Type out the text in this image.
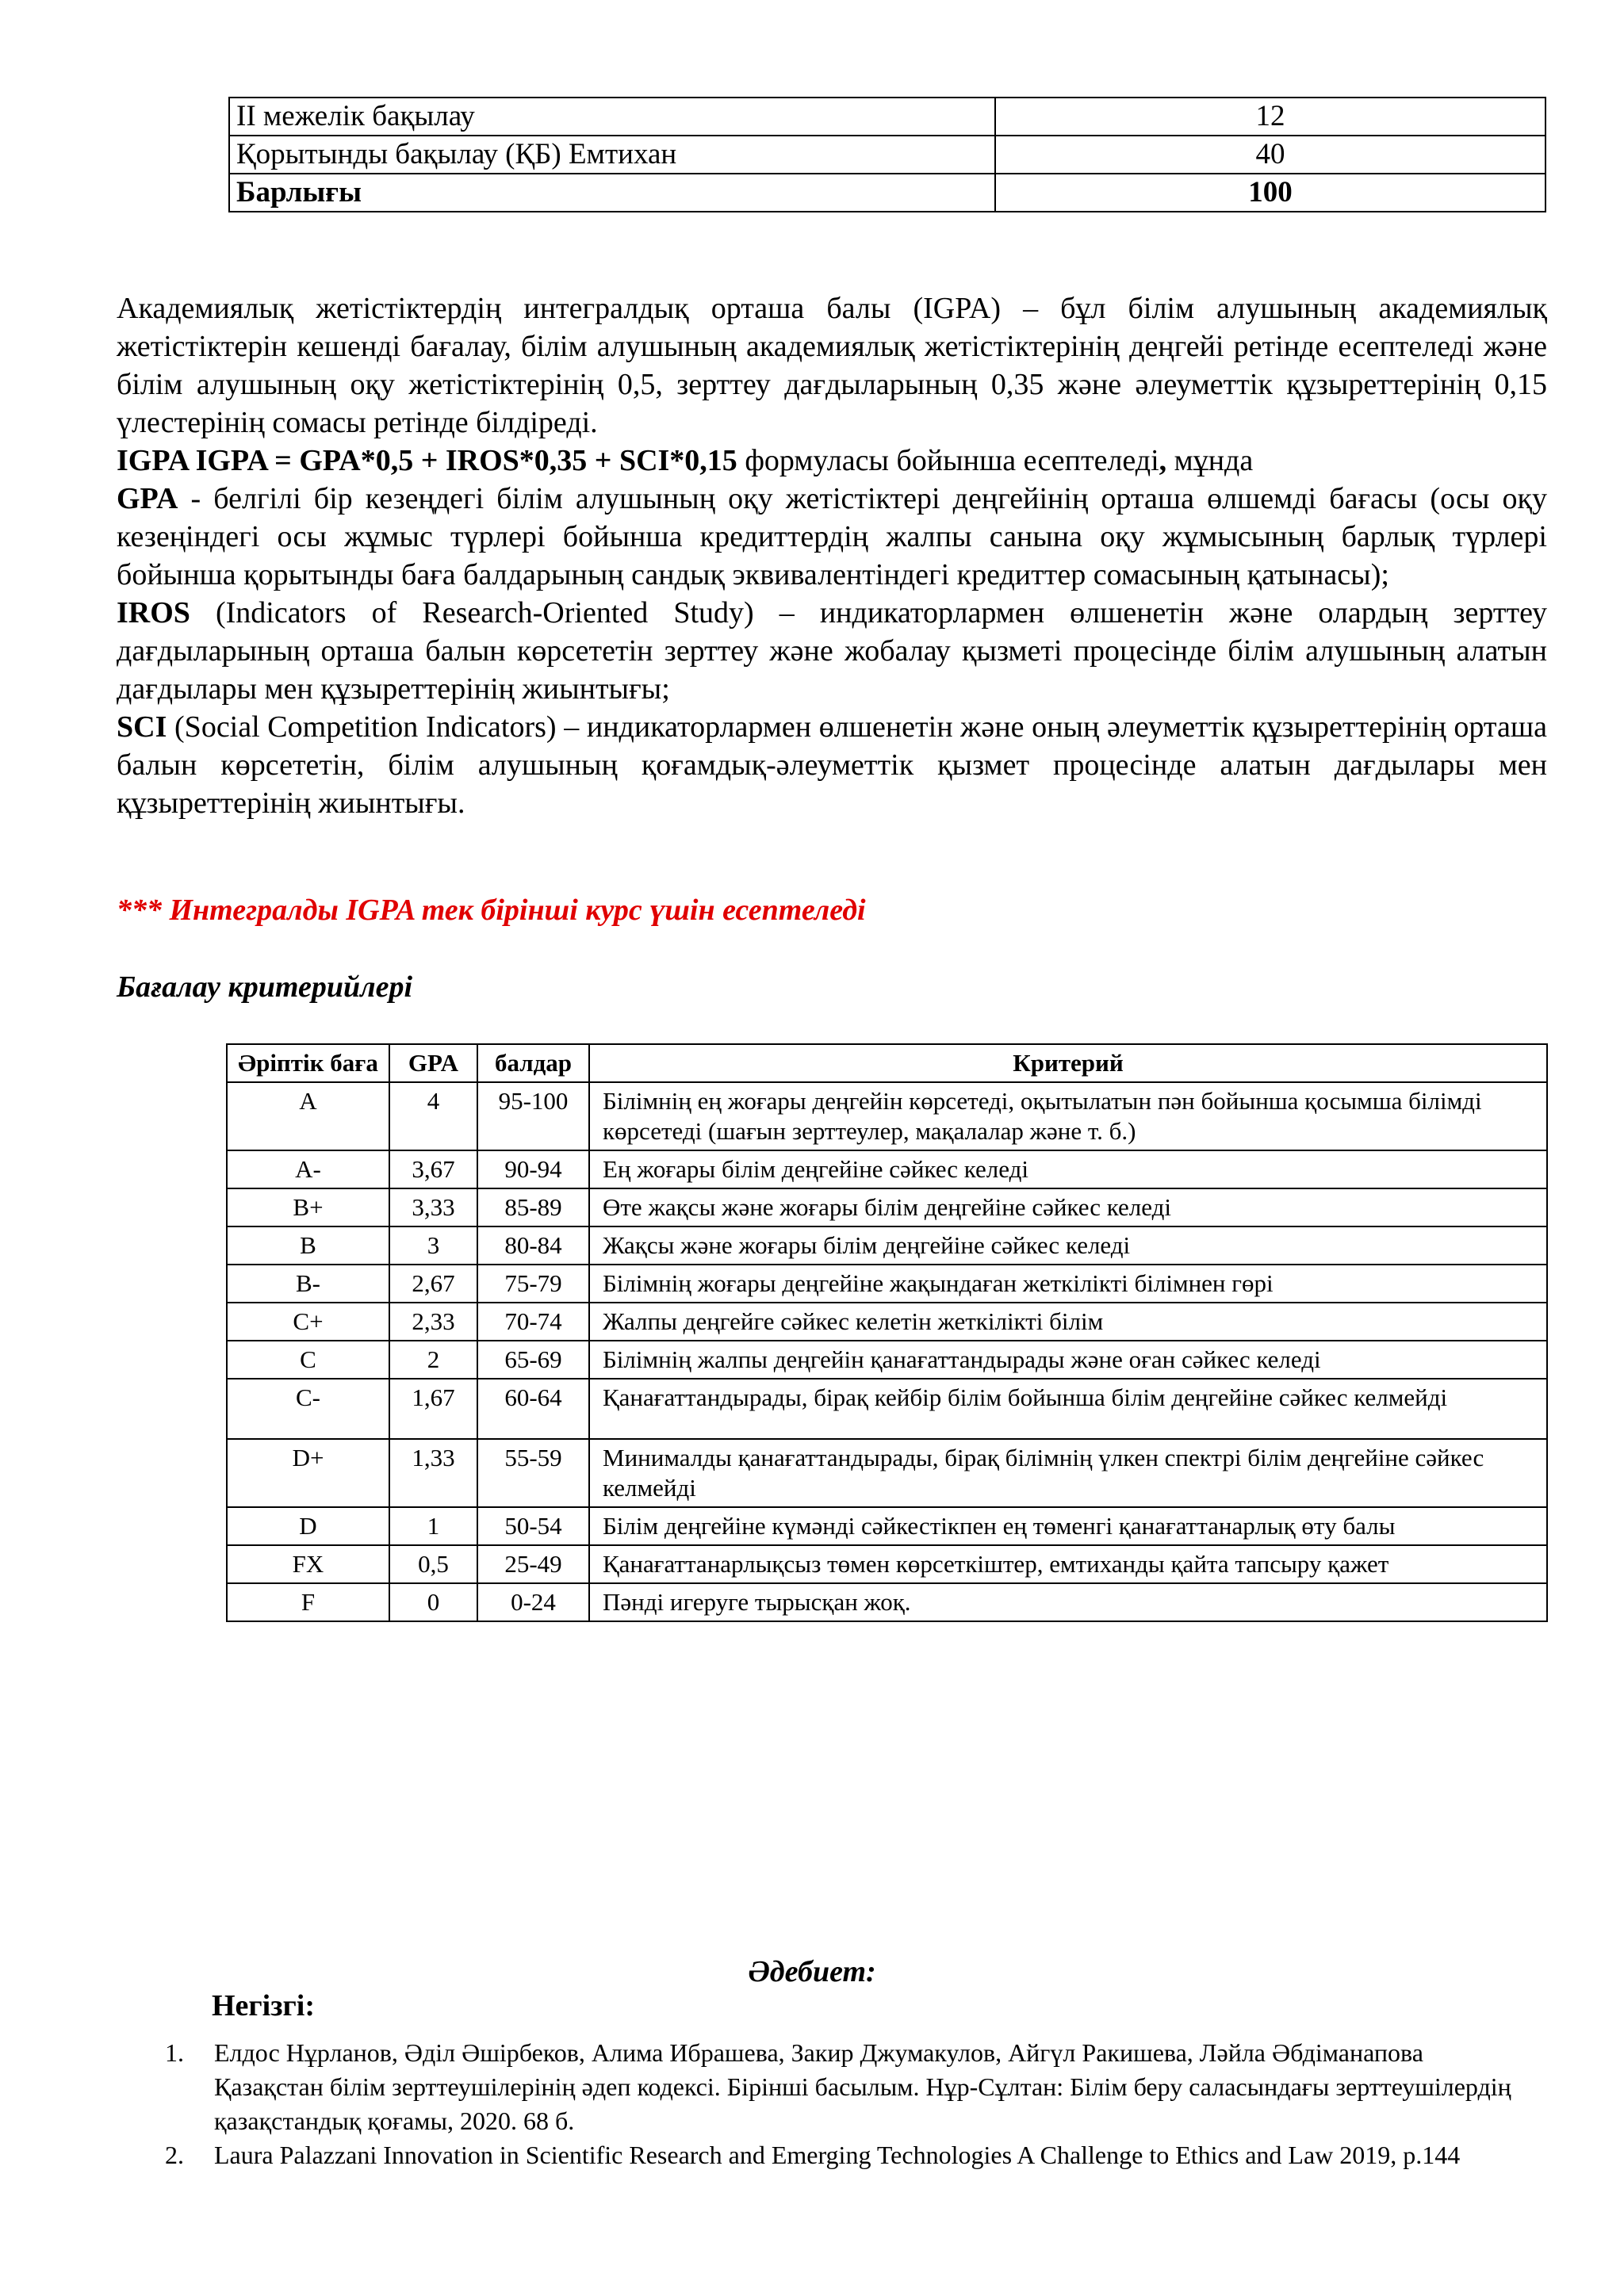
ІІ межелік бақылау	12
Қорытынды бақылау (ҚБ) Емтихан	40
Барлығы	100

Академиялық жетістіктердің интегралдық орташа балы (IGPA) – бұл білім алушының академиялық жетістіктерін кешенді бағалау, білім алушының академиялық жетістіктерінің деңгейі ретінде есептеледі және білім алушының оқу жетістіктерінің 0,5, зерттеу дағдыларының 0,35 және әлеуметтік құзыреттерінің 0,15 үлестерінің сомасы ретінде білдіреді.

IGPA IGPA = GPA*0,5 + IROS*0,35 + SCI*0,15 формуласы бойынша есептеледі, мұнда

GPA - белгілі бір кезеңдегі білім алушының оқу жетістіктері деңгейінің орташа өлшемді бағасы (осы оқу кезеңіндегі осы жұмыс түрлері бойынша кредиттердің жалпы санына оқу жұмысының барлық түрлері бойынша қорытынды баға балдарының сандық эквивалентіндегі кредиттер сомасының қатынасы);

IROS (Indicators of Research-Oriented Study) – индикаторлармен өлшенетін және олардың зерттеу дағдыларының орташа балын көрсететін зерттеу және жобалау қызметі процесінде білім алушының алатын дағдылары мен құзыреттерінің жиынтығы;

SCI (Social Competition Indicators) – индикаторлармен өлшенетін және оның әлеуметтік құзыреттерінің орташа балын көрсететін, білім алушының қоғамдық-әлеуметтік қызмет процесінде алатын дағдылары мен құзыреттерінің жиынтығы.

*** Интегралды IGPA тек бірінші курс үшін есептеледі
Бағалау критерийлері
Әріптік баға	GPA	балдар	Критерий
A	4	95-100	Білімнің ең жоғары деңгейін көрсетеді, оқытылатын пән бойынша қосымша білімді көрсетеді (шағын зерттеулер, мақалалар және т. б.)
A-	3,67	90-94	Ең жоғары білім деңгейіне сәйкес келеді
B+	3,33	85-89	Өте жақсы және жоғары білім деңгейіне сәйкес келеді
B	3	80-84	Жақсы және жоғары білім деңгейіне сәйкес келеді
B-	2,67	75-79	Білімнің жоғары деңгейіне жақындаған жеткілікті білімнен гөрі
C+	2,33	70-74	Жалпы деңгейге сәйкес келетін жеткілікті білім
C	2	65-69	Білімнің жалпы деңгейін қанағаттандырады және оған сәйкес келеді
C-	1,67	60-64	Қанағаттандырады, бірақ кейбір білім бойынша білім деңгейіне сәйкес келмейді
D+	1,33	55-59	Минималды қанағаттандырады, бірақ білімнің үлкен спектрі білім деңгейіне сәйкес келмейді
D	1	50-54	Білім деңгейіне күмәнді сәйкестікпен ең төменгі қанағаттанарлық өту балы
FX	0,5	25-49	Қанағаттанарлықсыз төмен көрсеткіштер, емтиханды қайта тапсыру қажет
F	0	0-24	Пәнді игеруге тырысқан жоқ.
Әдебиет:
Негізгі:
1. Елдос Нұрланов, Әділ Әшірбеков, Алима Ибрашева, Закир Джумакулов, Айгүл Ракишева, Ләйла Әбдіманапова Қазақстан білім зерттеушілерінің әдеп кодексі. Бірінші басылым. Нұр-Сұлтан: Білім беру саласындағы зерттеушілердің қазақстандық қоғамы, 2020. 68 б.
2. Laura Palazzani Innovation in Scientific Research and Emerging Technologies A Challenge to Ethics and Law 2019, p.144
